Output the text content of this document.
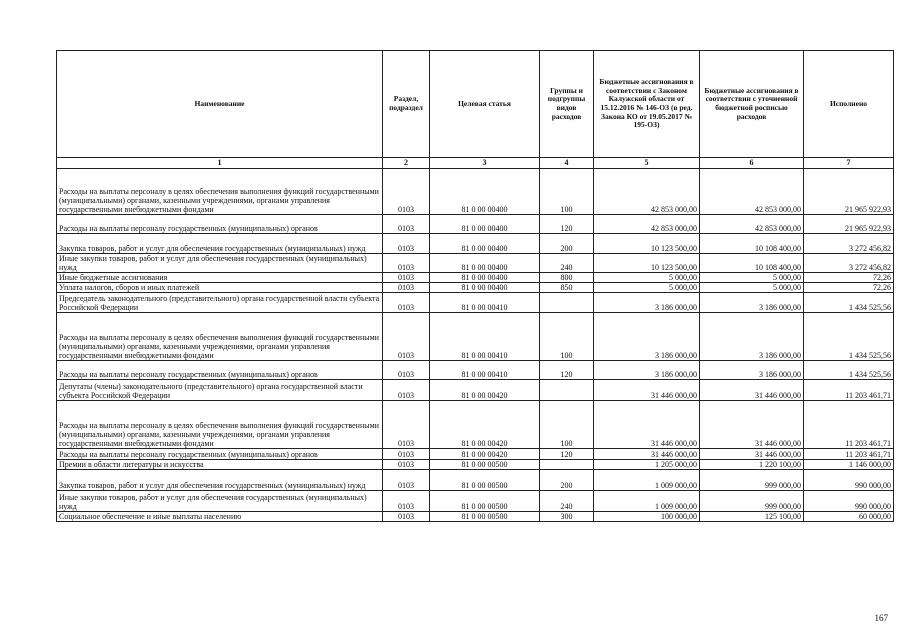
Наименование	Раздел, подраздел	Целевая статья	Группы и подгруппы видов расходов	Бюджетные ассигнования в соответствии с Законом Калужской области от 15.12.2016 № 146-ОЗ (в ред. Закона КО от 19.05.2017 № 195-ОЗ)	Бюджетные ассигнования в соответствии с уточненной бюджетной росписью расходов	Исполнено
1	2	3	4	5	6	7
Расходы на выплаты персоналу в целях обеспечения выполнения функций государственными (муниципальными) органами, казенными учреждениями, органами управления государственными внебюджетными фондами	0103	81 0 00 00400	100	42 853 000,00	42 853 000,00	21 965 922,93
Расходы на выплаты персоналу государственных (муниципальных) органов	0103	81 0 00 00400	120	42 853 000,00	42 853 000,00	21 965 922,93
Закупка товаров, работ и услуг для обеспечения государственных (муниципальных) нужд	0103	81 0 00 00400	200	10 123 500,00	10 108 400,00	3 272 456,82
Иные закупки товаров, работ и услуг для обеспечения государственных (муниципальных) нужд	0103	81 0 00 00400	240	10 123 500,00	10 108 400,00	3 272 456,82
Иные бюджетные ассигнования	0103	81 0 00 00400	800	5 000,00	5 000,00	72,26
Уплата налогов, сборов и иных платежей	0103	81 0 00 00400	850	5 000,00	5 000,00	72,26
Председатель законодательного (представительного) органа государственной власти субъекта Российской Федерации	0103	81 0 00 00410		3 186 000,00	3 186 000,00	1 434 525,56
Расходы на выплаты персоналу в целях обеспечения выполнения функций государственными (муниципальными) органами, казенными учреждениями, органами управления государственными внебюджетными фондами	0103	81 0 00 00410	100	3 186 000,00	3 186 000,00	1 434 525,56
Расходы на выплаты персоналу государственных (муниципальных) органов	0103	81 0 00 00410	120	3 186 000,00	3 186 000,00	1 434 525,56
Депутаты (члены) законодательного (представительного) органа государственной власти субъекта Российской Федерации	0103	81 0 00 00420		31 446 000,00	31 446 000,00	11 203 461,71
Расходы на выплаты персоналу в целях обеспечения выполнения функций государственными (муниципальными) органами, казенными учреждениями, органами управления государственными внебюджетными фондами	0103	81 0 00 00420	100	31 446 000,00	31 446 000,00	11 203 461,71
Расходы на выплаты персоналу государственных (муниципальных) органов	0103	81 0 00 00420	120	31 446 000,00	31 446 000,00	11 203 461,71
Премии в области литературы и искусства	0103	81 0 00 00500		1 205 000,00	1 220 100,00	1 146 000,00
Закупка товаров, работ и услуг для обеспечения государственных (муниципальных) нужд	0103	81 0 00 00500	200	1 009 000,00	999 000,00	990 000,00
Иные закупки товаров, работ и услуг для обеспечения государственных (муниципальных) нужд	0103	81 0 00 00500	240	1 009 000,00	999 000,00	990 000,00
Социальное обеспечение и иные выплаты населению	0103	81 0 00 00500	300	100 000,00	125 100,00	60 000,00
167
